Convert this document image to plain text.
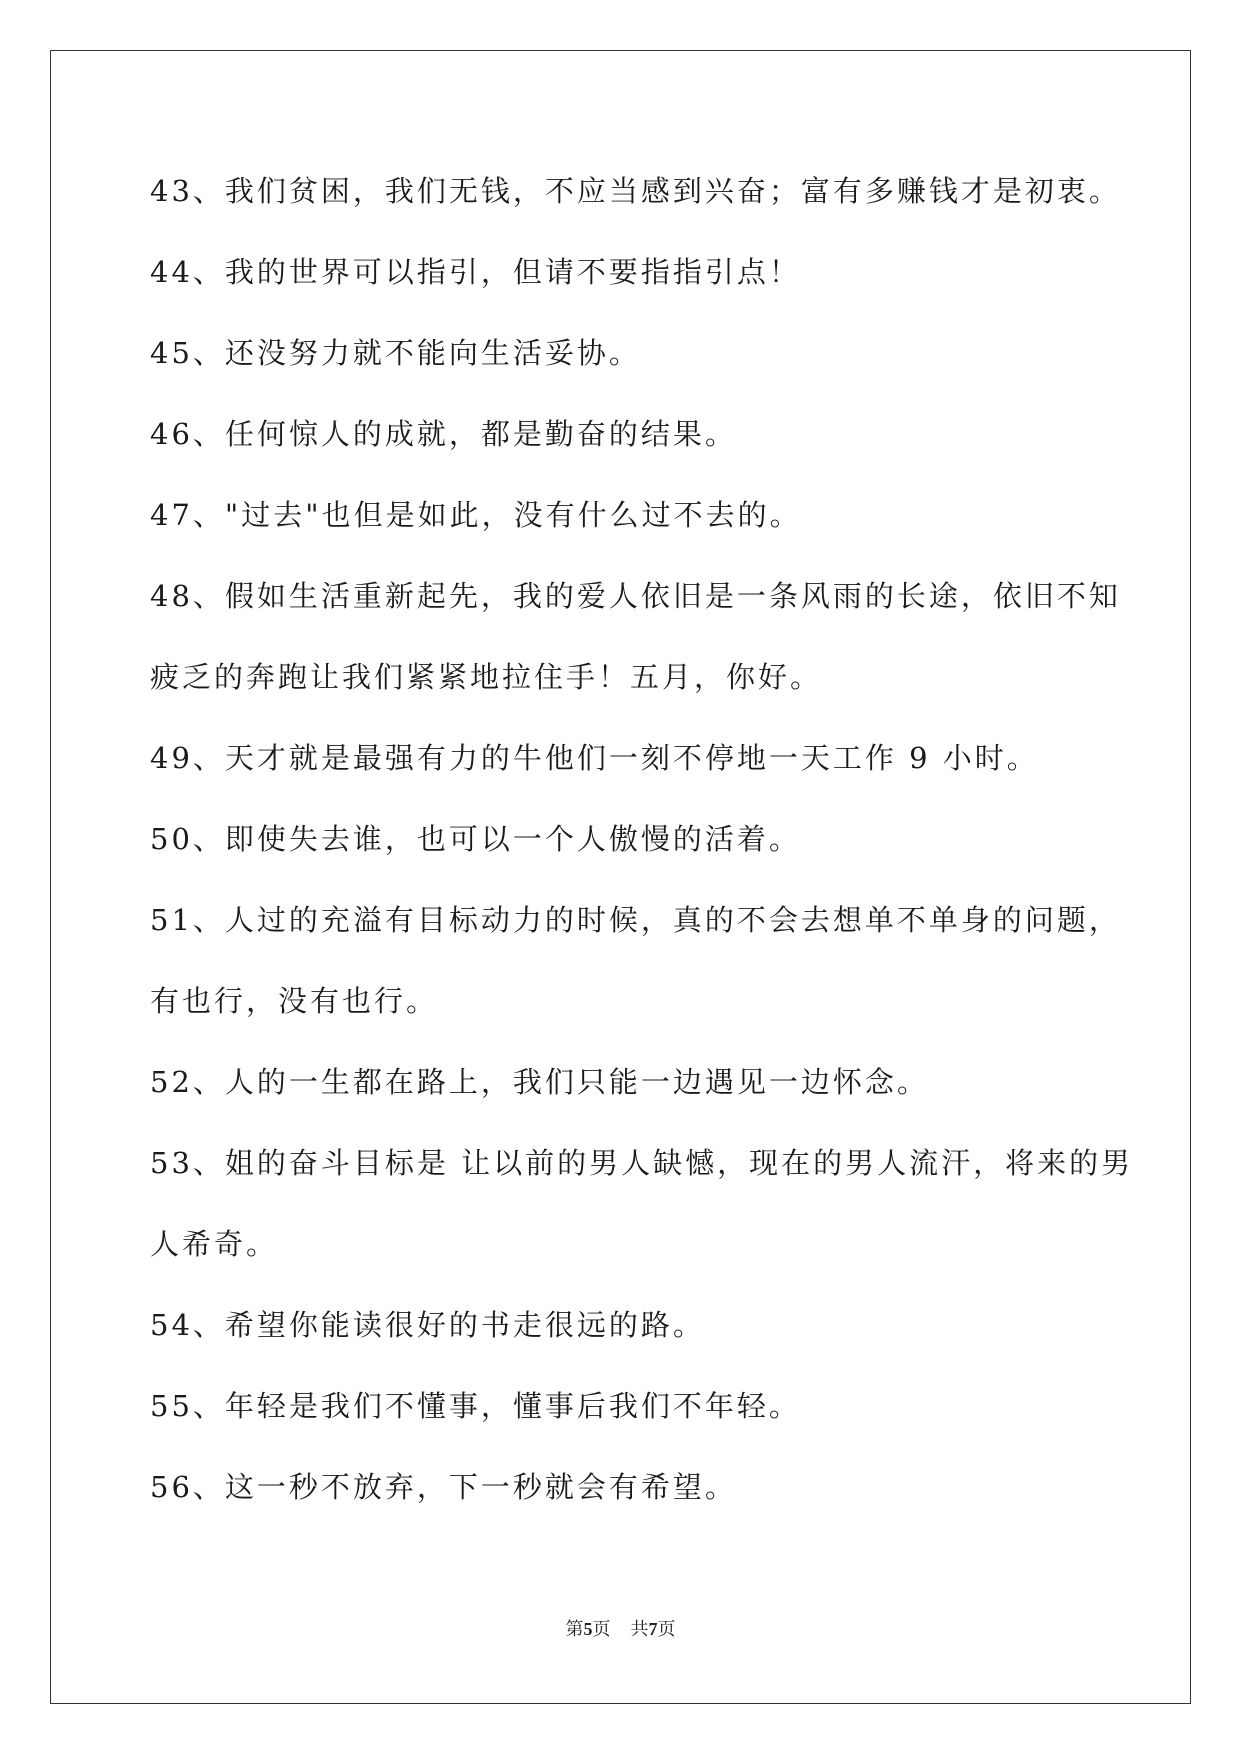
43、我们贫困，我们无钱，不应当感到兴奋；富有多赚钱才是初衷。
44、我的世界可以指引，但请不要指指引点！
45、还没努力就不能向生活妥协。
46、任何惊人的成就，都是勤奋的结果。
47、"过去"也但是如此，没有什么过不去的。
48、假如生活重新起先，我的爱人依旧是一条风雨的长途，依旧不知
疲乏的奔跑让我们紧紧地拉住手！五月，你好。
49、天才就是最强有力的牛他们一刻不停地一天工作 9 小时。
50、即使失去谁，也可以一个人傲慢的活着。
51、人过的充溢有目标动力的时候，真的不会去想单不单身的问题，
有也行，没有也行。
52、人的一生都在路上，我们只能一边遇见一边怀念。
53、姐的奋斗目标是 让以前的男人缺憾，现在的男人流汗，将来的男
人希奇。
54、希望你能读很好的书走很远的路。
55、年轻是我们不懂事，懂事后我们不年轻。
56、这一秒不放弃，下一秒就会有希望。
第5页 共7页
